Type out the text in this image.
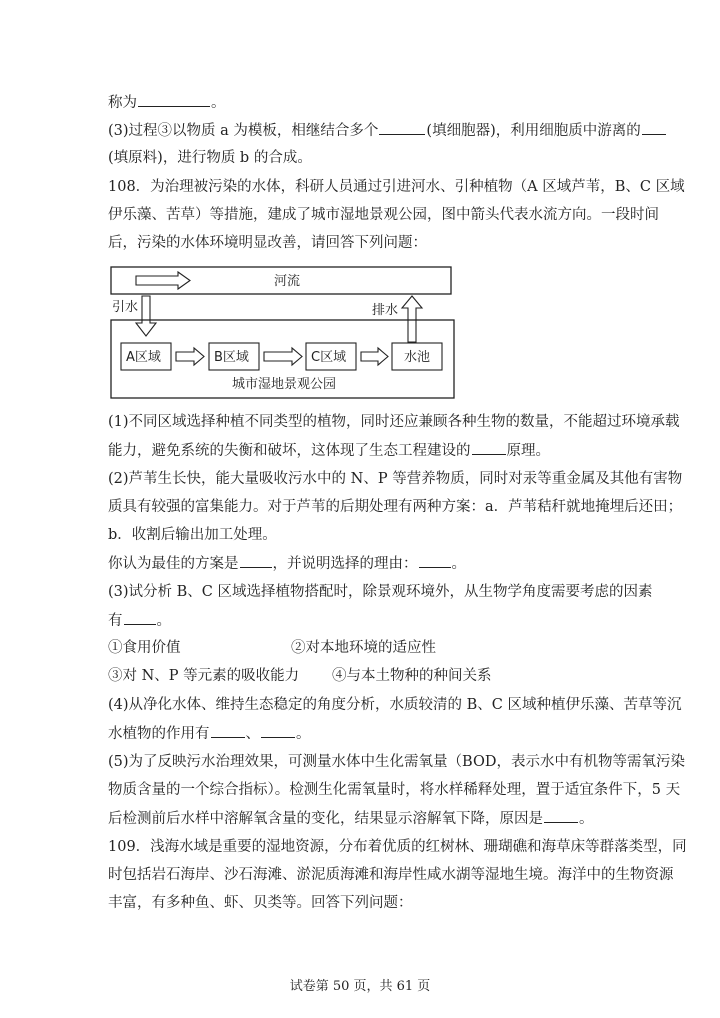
称为	。
(3)过程③以物质 a 为模板，相继结合多个	(填细胞器)，利用细胞质中游离的
(填原料)，进行物质 b 的合成。
108．为治理被污染的水体，科研人员通过引进河水、引种植物（A 区域芦苇，B、C 区域
伊乐藻、苦草）等措施，建成了城市湿地景观公园，图中箭头代表水流方向。一段时间
后，污染的水体环境明显改善，请回答下列问题：
河流
引水	排水
A区域	B区域	C区域	水池
城市湿地景观公园
(1)不同区域选择种植不同类型的植物，同时还应兼顾各种生物的数量，不能超过环境承载
能力，避免系统的失衡和破坏，这体现了生态工程建设的 原理。
(2)芦苇生长快，能大量吸收污水中的 N、P 等营养物质，同时对汞等重金属及其他有害物
质具有较强的富集能力。对于芦苇的后期处理有两种方案：a．芦苇秸秆就地掩埋后还田；
b．收割后输出加工处理。
你认为最佳的方案是 ，并说明选择的理由： 。
(3)试分析 B、C 区域选择植物搭配时，除景观环境外，从生物学角度需要考虑的因素
有 。
①食用价值	②对本地环境的适应性
③对 N、P 等元素的吸收能力 ④与本土物种的种间关系
(4)从净化水体、维持生态稳定的角度分析，水质较清的 B、C 区域种植伊乐藻、苦草等沉
水植物的作用有 、 。
(5)为了反映污水治理效果，可测量水体中生化需氧量（BOD，表示水中有机物等需氧污染
物质含量的一个综合指标）。检测生化需氧量时，将水样稀释处理，置于适宜条件下，5 天
后检测前后水样中溶解氧含量的变化，结果显示溶解氧下降，原因是 。
109．浅海水域是重要的湿地资源，分布着优质的红树林、珊瑚礁和海草床等群落类型，同
时包括岩石海岸、沙石海滩、淤泥质海滩和海岸性咸水湖等湿地生境。海洋中的生物资源
丰富，有多种鱼、虾、贝类等。回答下列问题：
试卷第 50 页，共 61 页
